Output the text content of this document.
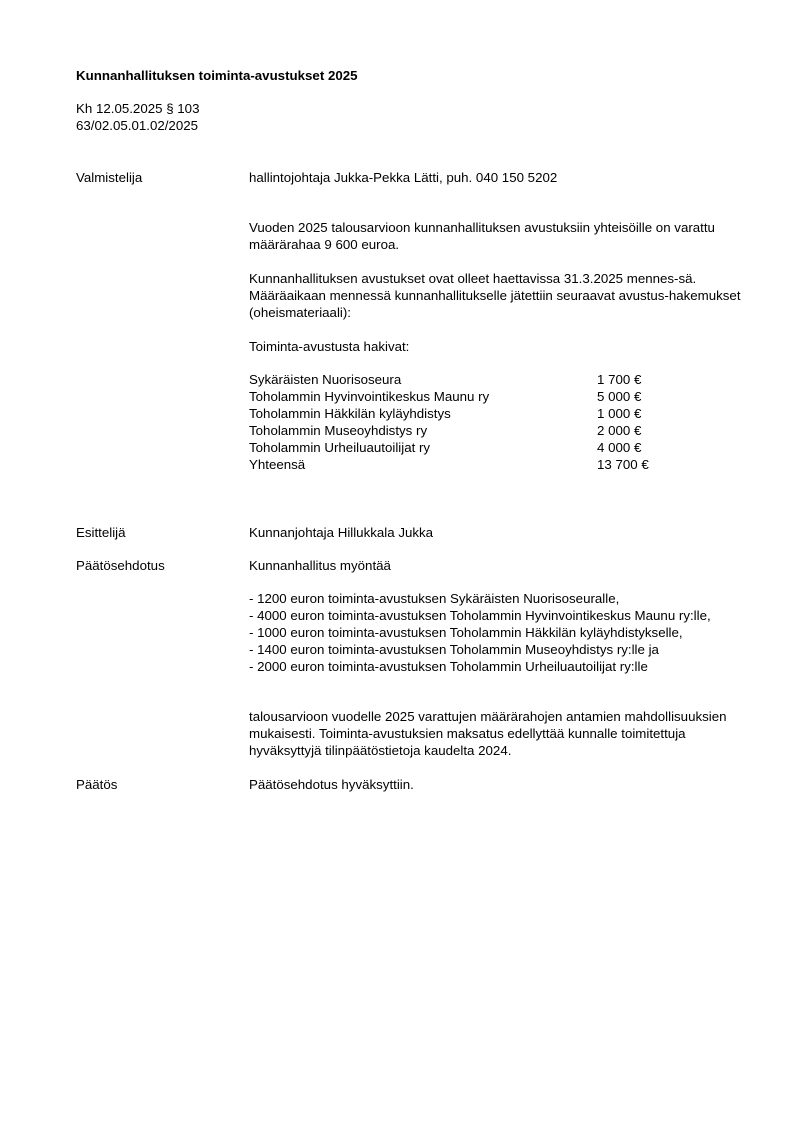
Kunnanhallituksen toiminta-avustukset 2025
Kh 12.05.2025 § 103
63/02.05.01.02/2025
Valmistelija	hallintojohtaja Jukka-Pekka Lätti, puh. 040 150 5202
Vuoden 2025 talousarvioon kunnanhallituksen avustuksiin yhteisöille on varattu määrärahaa 9 600 euroa.
Kunnanhallituksen avustukset ovat olleet haettavissa 31.3.2025 mennes-sä. Määräaikaan mennessä kunnanhallitukselle jätettiin seuraavat avustus-hakemukset (oheismateriaali):
Toiminta-avustusta hakivat:
Sykäräisten Nuorisoseura	1 700 €
Toholammin Hyvinvointikeskus Maunu ry	5 000 €
Toholammin Häkkilän kyläyhdistys	1 000 €
Toholammin Museoyhdistys ry	2 000 €
Toholammin Urheiluautoilijat ry	4 000 €
Yhteensä	13 700 €
Esittelijä	Kunnanjohtaja Hillukkala Jukka
Päätösehdotus	Kunnanhallitus myöntää
- 1200 euron toiminta-avustuksen Sykäräisten Nuorisoseuralle,
- 4000 euron toiminta-avustuksen Toholammin Hyvinvointikeskus Maunu ry:lle,
- 1000 euron toiminta-avustuksen Toholammin Häkkilän kyläyhdistykselle,
- 1400 euron toiminta-avustuksen Toholammin Museoyhdistys ry:lle ja
- 2000 euron toiminta-avustuksen Toholammin Urheiluautoilijat ry:lle
talousarvioon vuodelle 2025 varattujen määrärahojen antamien mahdollisuuksien mukaisesti. Toiminta-avustuksien maksatus edellyttää kunnalle toimitettuja hyväksyttyjä tilinpäätöstietoja kaudelta 2024.
Päätös	Päätösehdotus hyväksyttiin.
